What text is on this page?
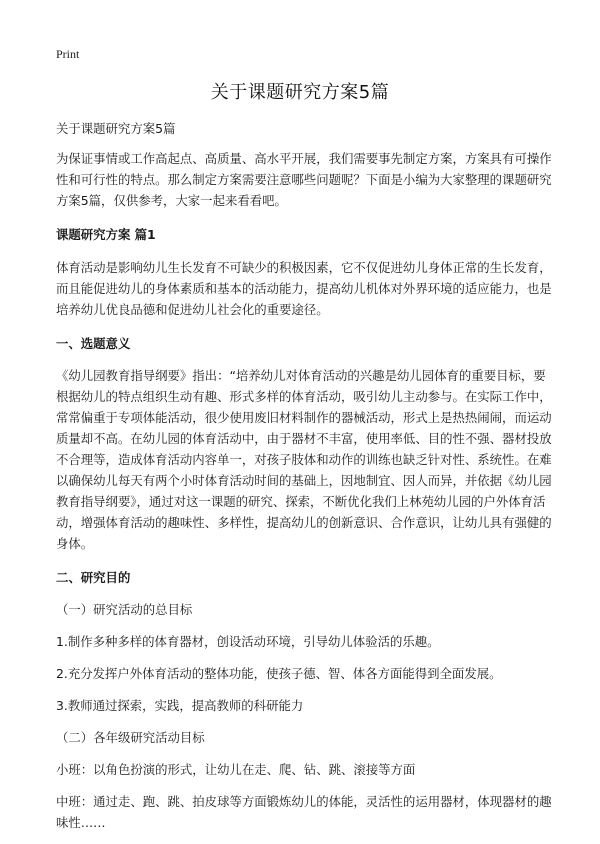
Print
关于课题研究方案5篇

关于课题研究方案5篇

为保证事情或工作高起点、高质量、高水平开展，我们需要事先制定方案，方案具有可操作性和可行性的特点。那么制定方案需要注意哪些问题呢？下面是小编为大家整理的课题研究方案5篇，仅供参考，大家一起来看看吧。

课题研究方案 篇1

体育活动是影响幼儿生长发育不可缺少的积极因素，它不仅促进幼儿身体正常的生长发育，而且能促进幼儿的身体素质和基本的活动能力，提高幼儿机体对外界环境的适应能力，也是培养幼儿优良品德和促进幼儿社会化的重要途径。

一、选题意义

《幼儿园教育指导纲要》指出：“培养幼儿对体育活动的兴趣是幼儿园体育的重要目标，要根据幼儿的特点组织生动有趣、形式多样的体育活动，吸引幼儿主动参与。在实际工作中，常常偏重于专项体能活动，很少使用废旧材料制作的器械活动，形式上是热热闹闹，而运动质量却不高。在幼儿园的体育活动中，由于器材不丰富，使用率低、目的性不强、器材投放不合理等，造成体育活动内容单一，对孩子肢体和动作的训练也缺乏针对性、系统性。在难以确保幼儿每天有两个小时体育活动时间的基础上，因地制宜、因人而异，并依据《幼儿园教育指导纲要》，通过对这一课题的研究、探索，不断优化我们上林苑幼儿园的户外体育活动，增强体育活动的趣味性、多样性，提高幼儿的创新意识、合作意识，让幼儿具有强健的身体。

二、研究目的

（一）研究活动的总目标

1.制作多种多样的体育器材，创设活动环境，引导幼儿体验活的乐趣。

2.充分发挥户外体育活动的整体功能，使孩子德、智、体各方面能得到全面发展。

3.教师通过探索，实践，提高教师的科研能力

（二）各年级研究活动目标

小班：以角色扮演的形式，让幼儿在走、爬、钻、跳、滚接等方面

中班：通过走、跑、跳、拍皮球等方面锻炼幼儿的体能，灵活性的运用器材，体现器材的趣味性……
